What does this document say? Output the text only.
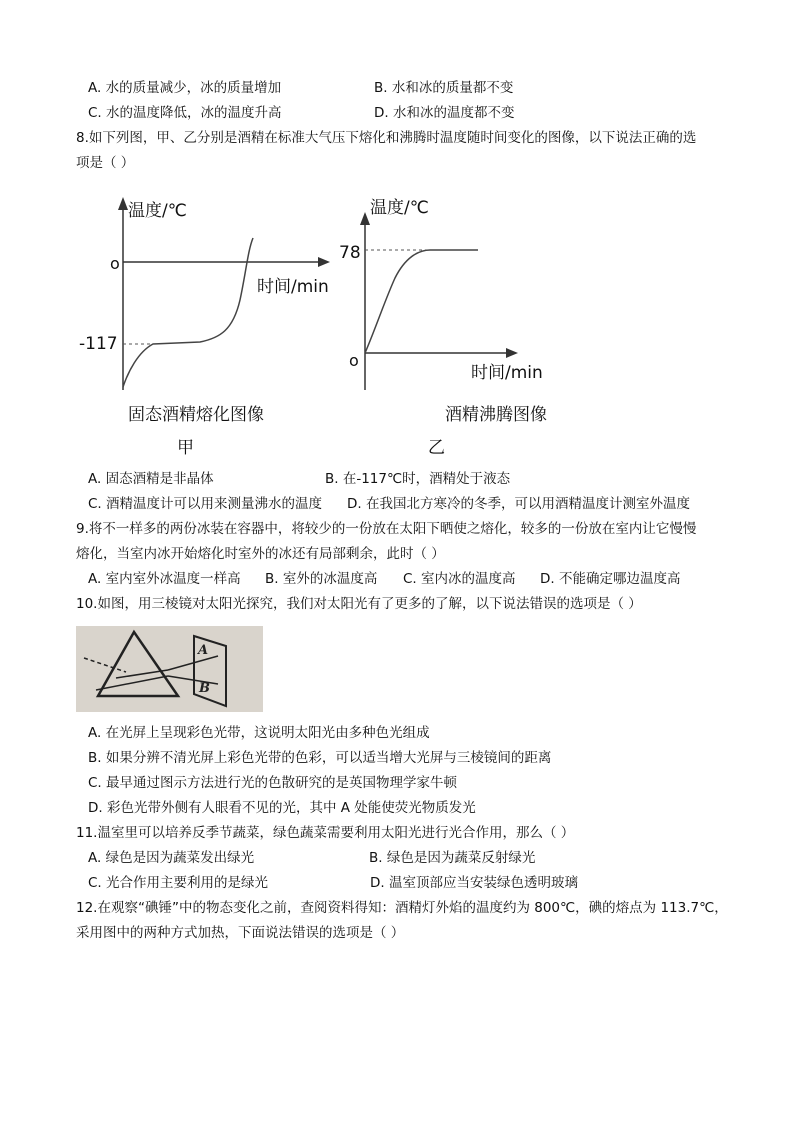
A. 水的质量减少，冰的质量增加	B. 水和冰的质量都不变
C. 水的温度降低，冰的温度升高	D. 水和冰的温度都不变
8.如下列图，甲、乙分别是酒精在标准大气压下熔化和沸腾时温度随时间变化的图像，以下说法正确的选
项是（ ）
温度/℃
o
时间/min
-117
固态酒精熔化图像
甲
温度/℃
78
o
时间/min
酒精沸腾图像
乙
A. 固态酒精是非晶体	B. 在-117℃时，酒精处于液态
C. 酒精温度计可以用来测量沸水的温度 D. 在我国北方寒冷的冬季，可以用酒精温度计测室外温度
9.将不一样多的两份冰装在容器中，将较少的一份放在太阳下晒使之熔化，较多的一份放在室内让它慢慢
熔化，当室内冰开始熔化时室外的冰还有局部剩余，此时（ ）
A. 室内室外冰温度一样高 B. 室外的冰温度高 C. 室内冰的温度高 D. 不能确定哪边温度高
10.如图，用三棱镜对太阳光探究，我们对太阳光有了更多的了解，以下说法错误的选项是（ ）
A
B
A. 在光屏上呈现彩色光带，这说明太阳光由多种色光组成
B. 如果分辨不清光屏上彩色光带的色彩，可以适当增大光屏与三棱镜间的距离
C. 最早通过图示方法进行光的色散研究的是英国物理学家牛顿
D. 彩色光带外侧有人眼看不见的光，其中 A 处能使荧光物质发光
11.温室里可以培养反季节蔬菜，绿色蔬菜需要利用太阳光进行光合作用，那么（ ）
A. 绿色是因为蔬菜发出绿光	B. 绿色是因为蔬菜反射绿光
C. 光合作用主要利用的是绿光	D. 温室顶部应当安装绿色透明玻璃
12.在观察“碘锤”中的物态变化之前，查阅资料得知：酒精灯外焰的温度约为 800℃，碘的熔点为 113.7℃，
采用图中的两种方式加热，下面说法错误的选项是（ ）
